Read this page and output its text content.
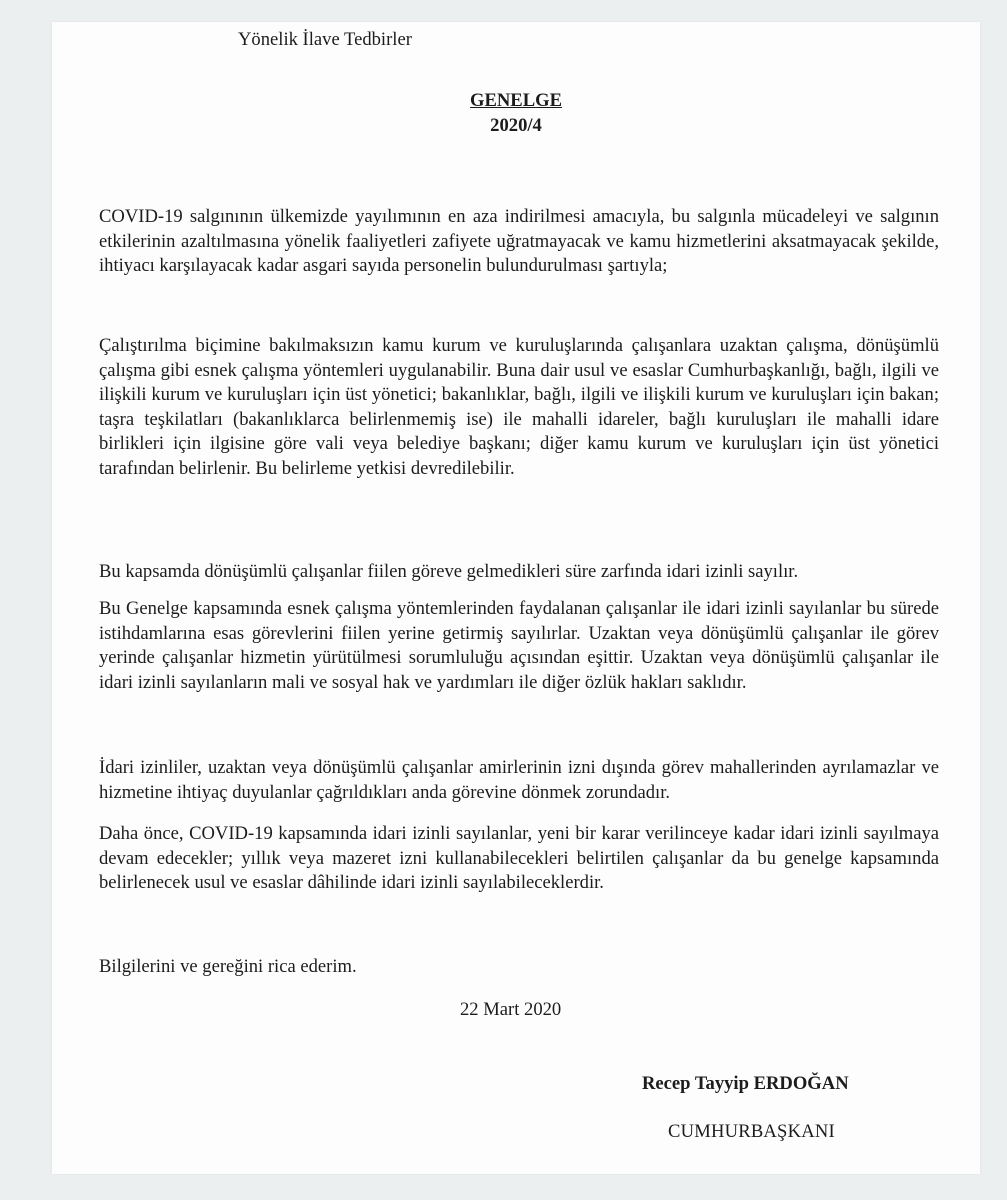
Yönelik İlave Tedbirler
GENELGE
2020/4
COVID-19 salgınının ülkemizde yayılımının en aza indirilmesi amacıyla, bu salgınla mücadeleyi ve salgının etkilerinin azaltılmasına yönelik faaliyetleri zafiyete uğratmayacak ve kamu hizmetlerini aksatmayacak şekilde, ihtiyacı karşılayacak kadar asgari sayıda personelin bulundurulması şartıyla;
Çalıştırılma biçimine bakılmaksızın kamu kurum ve kuruluşlarında çalışanlara uzaktan çalışma, dönüşümlü çalışma gibi esnek çalışma yöntemleri uygulanabilir. Buna dair usul ve esaslar Cumhurbaşkanlığı, bağlı, ilgili ve ilişkili kurum ve kuruluşları için üst yönetici; bakanlıklar, bağlı, ilgili ve ilişkili kurum ve kuruluşları için bakan; taşra teşkilatları (bakanlıklarca belirlenmemiş ise) ile mahalli idareler, bağlı kuruluşları ile mahalli idare birlikleri için ilgisine göre vali veya belediye başkanı; diğer kamu kurum ve kuruluşları için üst yönetici tarafından belirlenir. Bu belirleme yetkisi devredilebilir.
Bu kapsamda dönüşümlü çalışanlar fiilen göreve gelmedikleri süre zarfında idari izinli sayılır.
Bu Genelge kapsamında esnek çalışma yöntemlerinden faydalanan çalışanlar ile idari izinli sayılanlar bu sürede istihdamlarına esas görevlerini fiilen yerine getirmiş sayılırlar. Uzaktan veya dönüşümlü çalışanlar ile görev yerinde çalışanlar hizmetin yürütülmesi sorumluluğu açısından eşittir. Uzaktan veya dönüşümlü çalışanlar ile idari izinli sayılanların mali ve sosyal hak ve yardımları ile diğer özlük hakları saklıdır.
İdari izinliler, uzaktan veya dönüşümlü çalışanlar amirlerinin izni dışında görev mahallerinden ayrılamazlar ve hizmetine ihtiyaç duyulanlar çağrıldıkları anda görevine dönmek zorundadır.
Daha önce, COVID-19 kapsamında idari izinli sayılanlar, yeni bir karar verilinceye kadar idari izinli sayılmaya devam edecekler; yıllık veya mazeret izni kullanabilecekleri belirtilen çalışanlar da bu genelge kapsamında belirlenecek usul ve esaslar dâhilinde idari izinli sayılabileceklerdir.
Bilgilerini ve gereğini rica ederim.
22 Mart 2020
Recep Tayyip ERDOĞAN
CUMHURBAŞKANI
